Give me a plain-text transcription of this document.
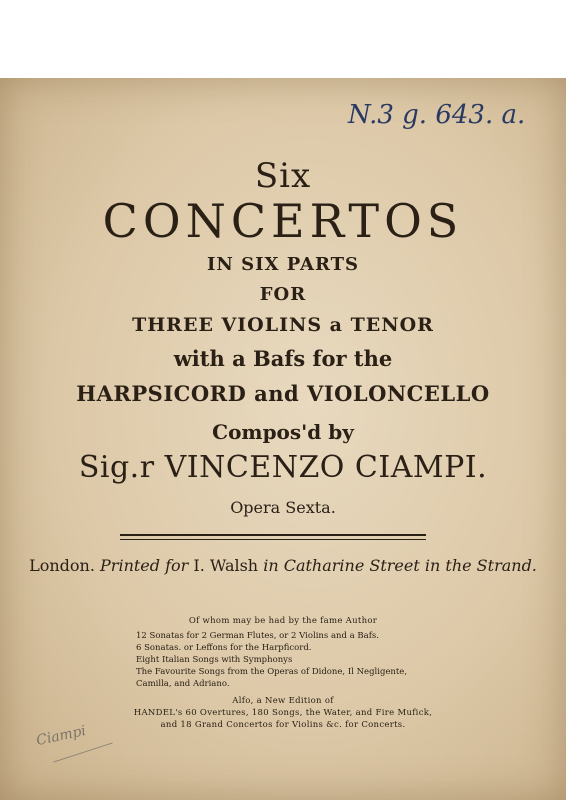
N.3 g. 643. a.
Six
CONCERTOS
IN SIX PARTS
FOR
THREE VIOLINS a TENOR
with a Bafs for the
HARPSICORD and VIOLONCELLO
Compos'd by
Sig.r VINCENZO CIAMPI.
Opera Sexta.
London. Printed for I. Walsh in Catharine Street in the Strand.
Of whom may be had by the fame Author
12 Sonatas for 2 German Flutes, or 2 Violins and a Bafs.
6 Sonatas. or Leffons for the Harpficord.
Eight Italian Songs with Symphonys
The Favourite Songs from the Operas of Didone, Il Negligente,
Camilla, and Adriano.
Alfo, a New Edition of
HANDEL's 60 Overtures, 180 Songs, the Water, and Fire Mufick,
and 18 Grand Concertos for Violins &c. for Concerts.
Ciampi
